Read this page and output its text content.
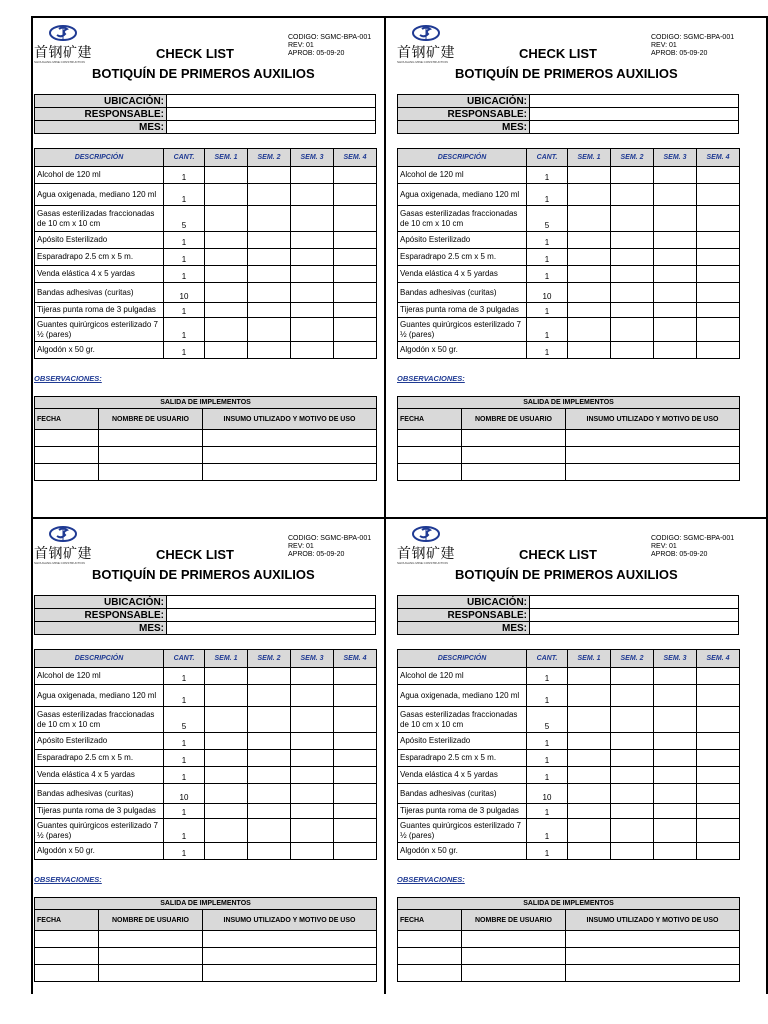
首钢矿建
SHOUGANG MINE CONSTRUCTION
CHECK LIST
BOTIQUÍN DE PRIMEROS AUXILIOS
CODIGO: SGMC-BPA-001
REV: 01
APROB: 05-09-20
UBICACIÓN:	
RESPONSABLE:	
MES:	
DESCRIPCIÓN	CANT.	SEM. 1	SEM. 2	SEM. 3	SEM. 4
Alcohol de 120 ml	1				
Agua oxigenada, mediano 120 ml	1				
Gasas esterilizadas fraccionadas de 10 cm x 10 cm	5				
Apósito Esterilizado	1				
Esparadrapo 2.5 cm x 5 m.	1				
Venda elástica 4 x 5 yardas	1				
Bandas adhesivas (curitas)	10				
Tijeras punta roma de 3 pulgadas	1				
Guantes quirúrgicos esterilizado 7 ½ (pares)	1				
Algodón x 50 gr.	1				
OBSERVACIONES:
SALIDA DE IMPLEMENTOS		
FECHA	NOMBRE DE USUARIO	INSUMO UTILIZADO Y MOTIVO DE USO

首钢矿建
SHOUGANG MINE CONSTRUCTION
CHECK LIST
BOTIQUÍN DE PRIMEROS AUXILIOS
CODIGO: SGMC-BPA-001
REV: 01
APROB: 05-09-20
UBICACIÓN:	
RESPONSABLE:	
MES:	
DESCRIPCIÓN	CANT.	SEM. 1	SEM. 2	SEM. 3	SEM. 4
Alcohol de 120 ml	1				
Agua oxigenada, mediano 120 ml	1				
Gasas esterilizadas fraccionadas de 10 cm x 10 cm	5				
Apósito Esterilizado	1				
Esparadrapo 2.5 cm x 5 m.	1				
Venda elástica 4 x 5 yardas	1				
Bandas adhesivas (curitas)	10				
Tijeras punta roma de 3 pulgadas	1				
Guantes quirúrgicos esterilizado 7 ½ (pares)	1				
Algodón x 50 gr.	1				
OBSERVACIONES:
SALIDA DE IMPLEMENTOS		
FECHA	NOMBRE DE USUARIO	INSUMO UTILIZADO Y MOTIVO DE USO

首钢矿建
SHOUGANG MINE CONSTRUCTION
CHECK LIST
BOTIQUÍN DE PRIMEROS AUXILIOS
CODIGO: SGMC-BPA-001
REV: 01
APROB: 05-09-20
UBICACIÓN:	
RESPONSABLE:	
MES:	
DESCRIPCIÓN	CANT.	SEM. 1	SEM. 2	SEM. 3	SEM. 4
Alcohol de 120 ml	1				
Agua oxigenada, mediano 120 ml	1				
Gasas esterilizadas fraccionadas de 10 cm x 10 cm	5				
Apósito Esterilizado	1				
Esparadrapo 2.5 cm x 5 m.	1				
Venda elástica 4 x 5 yardas	1				
Bandas adhesivas (curitas)	10				
Tijeras punta roma de 3 pulgadas	1				
Guantes quirúrgicos esterilizado 7 ½ (pares)	1				
Algodón x 50 gr.	1				
OBSERVACIONES:
SALIDA DE IMPLEMENTOS		
FECHA	NOMBRE DE USUARIO	INSUMO UTILIZADO Y MOTIVO DE USO

首钢矿建
SHOUGANG MINE CONSTRUCTION
CHECK LIST
BOTIQUÍN DE PRIMEROS AUXILIOS
CODIGO: SGMC-BPA-001
REV: 01
APROB: 05-09-20
UBICACIÓN:	
RESPONSABLE:	
MES:	
DESCRIPCIÓN	CANT.	SEM. 1	SEM. 2	SEM. 3	SEM. 4
Alcohol de 120 ml	1				
Agua oxigenada, mediano 120 ml	1				
Gasas esterilizadas fraccionadas de 10 cm x 10 cm	5				
Apósito Esterilizado	1				
Esparadrapo 2.5 cm x 5 m.	1				
Venda elástica 4 x 5 yardas	1				
Bandas adhesivas (curitas)	10				
Tijeras punta roma de 3 pulgadas	1				
Guantes quirúrgicos esterilizado 7 ½ (pares)	1				
Algodón x 50 gr.	1				
OBSERVACIONES:
SALIDA DE IMPLEMENTOS		
FECHA	NOMBRE DE USUARIO	INSUMO UTILIZADO Y MOTIVO DE USO
